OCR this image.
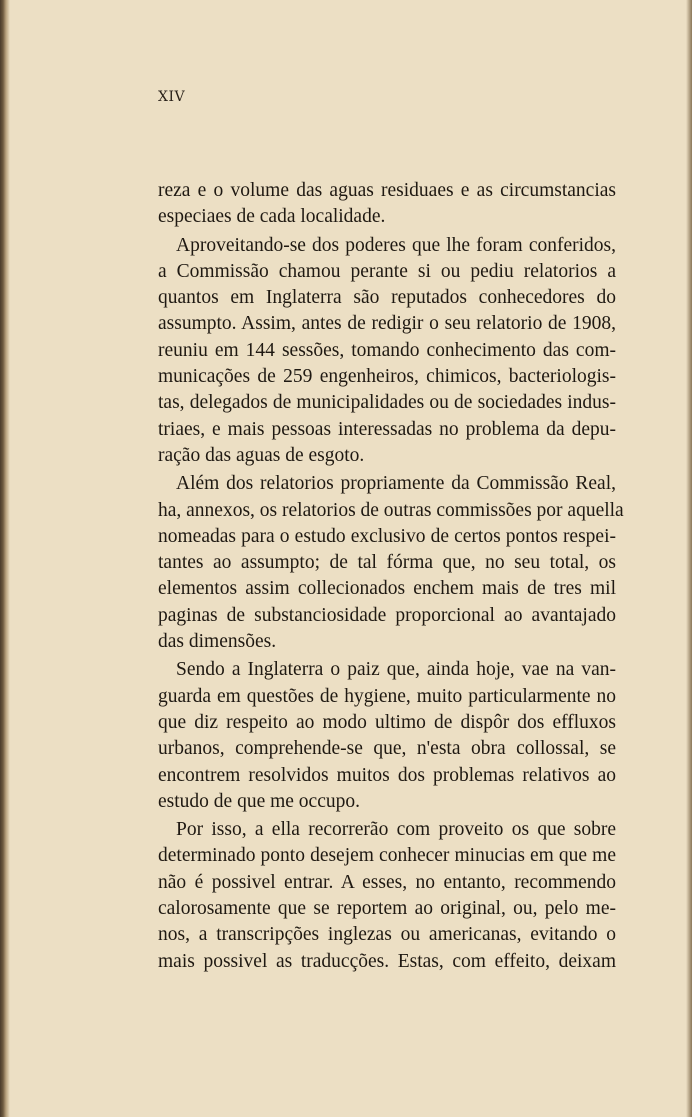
XIV

reza e o volume das aguas residuaes e as circumstancias
especiaes de cada localidade.

Aproveitando-se dos poderes que lhe foram conferidos,
a Commissão chamou perante si ou pediu relatorios a
quantos em Inglaterra são reputados conhecedores do
assumpto. Assim, antes de redigir o seu relatorio de 1908,
reuniu em 144 sessões, tomando conhecimento das com-
municações de 259 engenheiros, chimicos, bacteriologis-
tas, delegados de municipalidades ou de sociedades indus-
triaes, e mais pessoas interessadas no problema da depu-
ração das aguas de esgoto.

Além dos relatorios propriamente da Commissão Real,
ha, annexos, os relatorios de outras commissões por aquella
nomeadas para o estudo exclusivo de certos pontos respei-
tantes ao assumpto; de tal fórma que, no seu total, os
elementos assim collecionados enchem mais de tres mil
paginas de substanciosidade proporcional ao avantajado
das dimensões.

Sendo a Inglaterra o paiz que, ainda hoje, vae na van-
guarda em questões de hygiene, muito particularmente no
que diz respeito ao modo ultimo de dispôr dos effluxos
urbanos, comprehende-se que, n'esta obra collossal, se
encontrem resolvidos muitos dos problemas relativos ao
estudo de que me occupo.

Por isso, a ella recorrerão com proveito os que sobre
determinado ponto desejem conhecer minucias em que me
não é possivel entrar. A esses, no entanto, recommendo
calorosamente que se reportem ao original, ou, pelo me-
nos, a transcripções inglezas ou americanas, evitando o
mais possivel as traducções. Estas, com effeito, deixam
